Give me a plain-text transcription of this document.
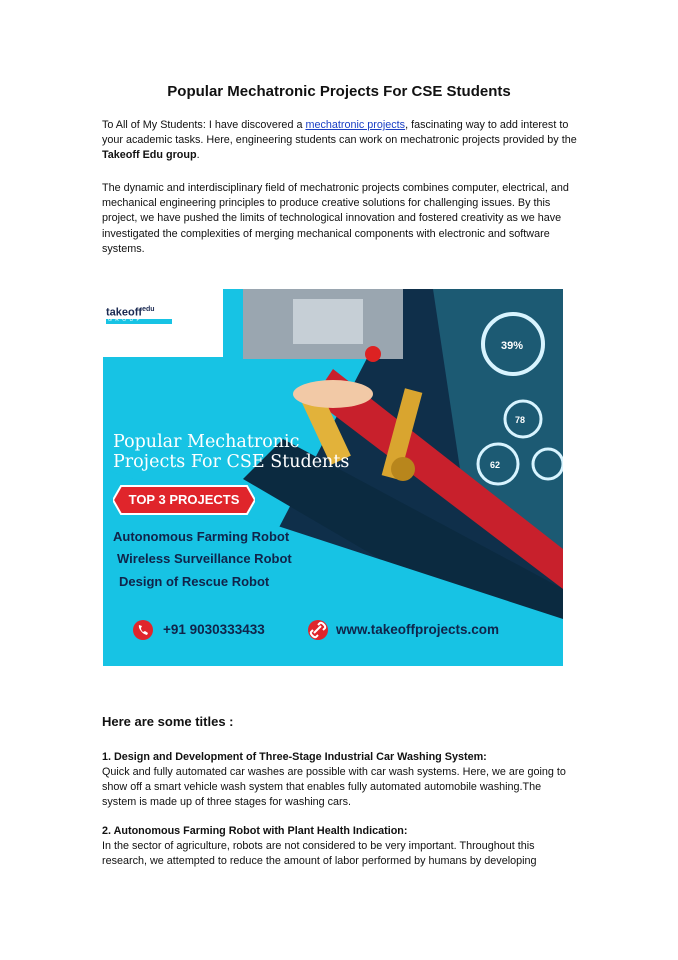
Popular Mechatronic Projects For CSE Students

To All of My Students: I have discovered a mechatronic projects, fascinating way to add interest to your academic tasks. Here, engineering students can work on mechatronic projects provided by the Takeoff Edu group.

The dynamic and interdisciplinary field of mechatronic projects combines computer, electrical, and mechanical engineering principles to produce creative solutions for challenging issues. By this project, we have pushed the limits of technological innovation and fostered creativity as we have investigated the complexities of merging mechanical components with electronic and software systems.

39%
78
62
takeoff$^{edu}$
G R O U P
Popular Mechatronic
Projects For CSE Students
TOP 3 PROJECTS
Autonomous Farming Robot
Wireless Surveillance Robot
Design of Rescue Robot
+91 9030333433	www.takeoffprojects.com
Here are some titles :
1. Design and Development of Three-Stage Industrial Car Washing System:

Quick and fully automated car washes are possible with car wash systems. Here, we are going to show off a smart vehicle wash system that enables fully automated automobile washing.The system is made up of three stages for washing cars.

2. Autonomous Farming Robot with Plant Health Indication:

In the sector of agriculture, robots are not considered to be very important. Throughout this research, we attempted to reduce the amount of labor performed by humans by developing
